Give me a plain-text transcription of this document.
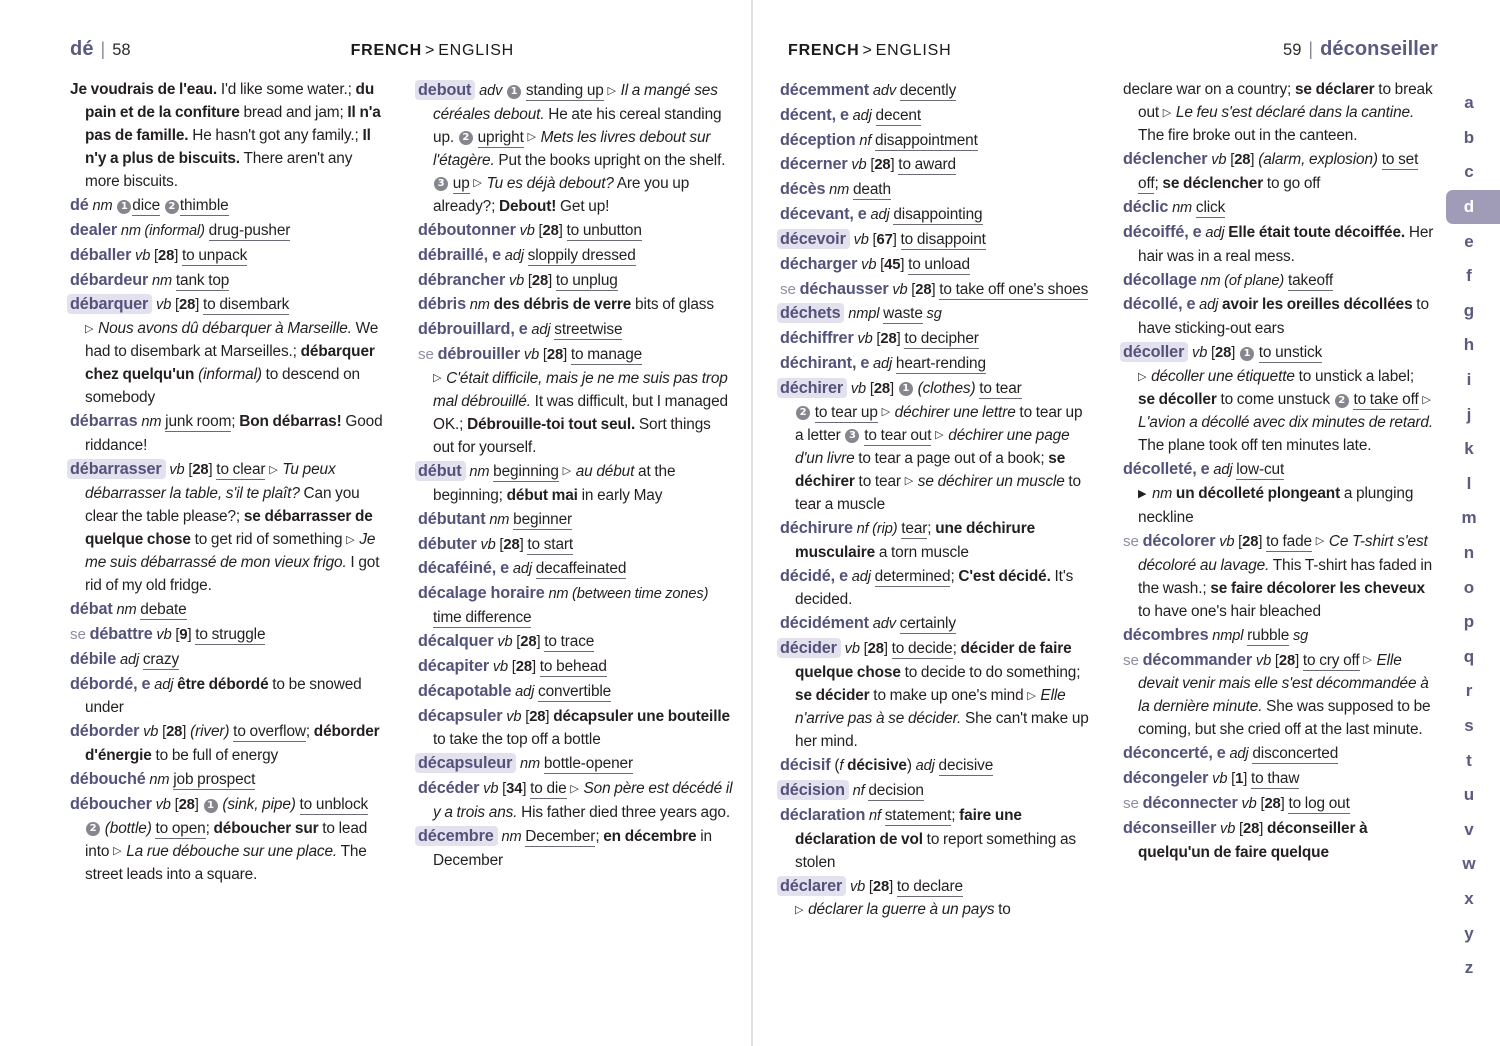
dé | 58	FRENCH > ENGLISH
Je voudrais de l'eau. I'd like some water.; du pain et de la confiture bread and jam; Il n'a pas de famille. He hasn't got any family.; Il n'y a plus de biscuits. There aren't any more biscuits.
dé nm 1 dice 2 thimble
dealer nm (informal) drug-pusher
déballer vb [28] to unpack
débardeur nm tank top
débarquer vb [28] to disembark
▷ Nous avons dû débarquer à Marseille. We had to disembark at Marseilles.; débarquer chez quelqu'un (informal) to descend on somebody
débarras nm junk room; Bon débarras! Good riddance!
débarrasser vb [28] to clear ▷ Tu peux débarrasser la table, s'il te plaît? Can you clear the table please?; se débarrasser de quelque chose to get rid of something ▷ Je me suis débarrassé de mon vieux frigo. I got rid of my old fridge.
débat nm debate
se débattre vb [9] to struggle
débile adj crazy
débordé, e adj être débordé to be snowed under
déborder vb [28] (river) to overflow; déborder d'énergie to be full of energy
débouché nm job prospect
déboucher vb [28] 1 (sink, pipe) to unblock 2 (bottle) to open; déboucher sur to lead into ▷ La rue débouche sur une place. The street leads into a square.
debout adv 1 standing up ▷ Il a mangé ses céréales debout. He ate his cereal standing up. 2 upright ▷ Mets les livres debout sur l'étagère. Put the books upright on the shelf. 3 up ▷ Tu es déjà debout? Are you up already?; Debout! Get up!
déboutonner vb [28] to unbutton
débraillé, e adj sloppily dressed
débrancher vb [28] to unplug
débris nm des débris de verre bits of glass
débrouillard, e adj streetwise
se débrouiller vb [28] to manage
▷ C'était difficile, mais je ne me suis pas trop mal débrouillé. It was difficult, but I managed OK.; Débrouille-toi tout seul. Sort things out for yourself.
début nm beginning ▷ au début at the beginning; début mai in early May
débutant nm beginner
débuter vb [28] to start
décaféiné, e adj decaffeinated
décalage horaire nm (between time zones) time difference
décalquer vb [28] to trace
décapiter vb [28] to behead
décapotable adj convertible
décapsuler vb [28] décapsuler une bouteille to take the top off a bottle
décapsuleur nm bottle-opener
décéder vb [34] to die ▷ Son père est décédé il y a trois ans. His father died three years ago.
décembre nm December; en décembre in December
FRENCH > ENGLISH	59 | déconseiller
décemment adv decently
décent, e adj decent
déception nf disappointment
décerner vb [28] to award
décès nm death
décevant, e adj disappointing
décevoir vb [67] to disappoint
décharger vb [45] to unload
se déchausser vb [28] to take off one's shoes
déchets nmpl waste sg
déchiffrer vb [28] to decipher
déchirant, e adj heart-rending
déchirer vb [28] 1 (clothes) to tear
2 to tear up ▷ déchirer une lettre to tear up a letter 3 to tear out ▷ déchirer une page d'un livre to tear a page out of a book; se déchirer to tear ▷ se déchirer un muscle to tear a muscle
déchirure nf (rip) tear; une déchirure musculaire a torn muscle
décidé, e adj determined; C'est décidé. It's decided.
décidément adv certainly
décider vb [28] to decide; décider de faire quelque chose to decide to do something; se décider to make up one's mind ▷ Elle n'arrive pas à se décider. She can't make up her mind.
décisif (f décisive) adj decisive
décision nf decision
déclaration nf statement; faire une déclaration de vol to report something as stolen
déclarer vb [28] to declare
▷ déclarer la guerre à un pays to
declare war on a country; se déclarer to break out ▷ Le feu s'est déclaré dans la cantine. The fire broke out in the canteen.
déclencher vb [28] (alarm, explosion) to set off; se déclencher to go off
déclic nm click
décoiffé, e adj Elle était toute décoiffée. Her hair was in a real mess.
décollage nm (of plane) takeoff
décollé, e adj avoir les oreilles décollées to have sticking-out ears
décoller vb [28] 1 to unstick
▷ décoller une étiquette to unstick a label; se décoller to come unstuck 2 to take off ▷ L'avion a décollé avec dix minutes de retard. The plane took off ten minutes late.
décolleté, e adj low-cut
▶ nm un décolleté plongeant a plunging neckline
se décolorer vb [28] to fade ▷ Ce T-shirt s'est décoloré au lavage. This T-shirt has faded in the wash.; se faire décolorer les cheveux to have one's hair bleached
décombres nmpl rubble sg
se décommander vb [28] to cry off ▷ Elle devait venir mais elle s'est décommandée à la dernière minute. She was supposed to be coming, but she cried off at the last minute.
déconcerté, e adj disconcerted
décongeler vb [1] to thaw
se déconnecter vb [28] to log out
déconseiller vb [28] déconseiller à quelqu'un de faire quelque
a
b
c
d
e
f
g
h
i
j
k
l
m
n
o
p
q
r
s
t
u
v
w
x
y
z
